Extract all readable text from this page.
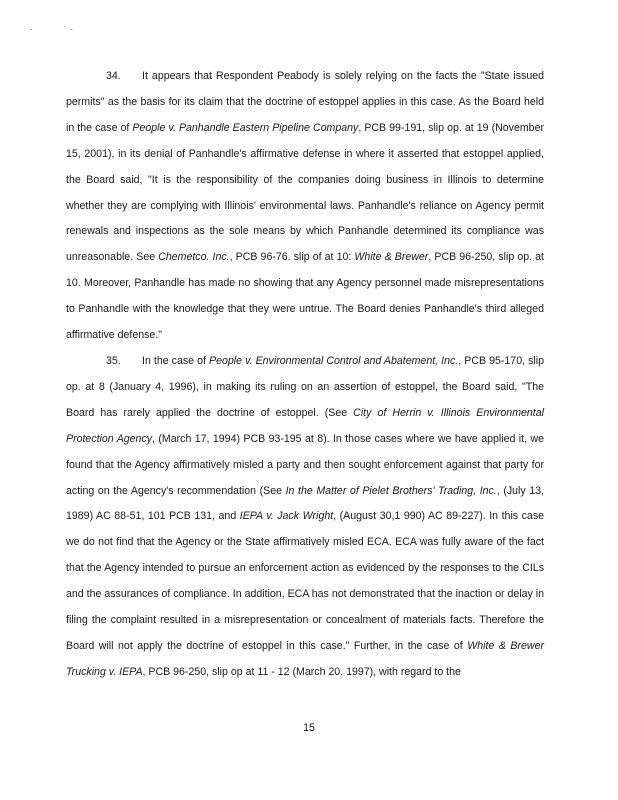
..

34. It appears that Respondent Peabody is solely relying on the facts the "State issued permits" as the basis for its claim that the doctrine of estoppel applies in this case. As the Board held in the case of People v. Panhandle Eastern Pipeline Company, PCB 99-191, slip op. at 19 (November 15, 2001), in its denial of Panhandle's affirmative defense in where it asserted that estoppel applied, the Board said, "It is the responsibility of the companies doing business in Illinois to determine whether they are complying with Illinois' environmental laws. Panhandle's reliance on Agency permit renewals and inspections as the sole means by which Panhandle determined its compliance was unreasonable. See Chemetco. Inc., PCB 96-76. slip of at 10: White & Brewer, PCB 96-250, slip op. at 10. Moreover, Panhandle has made no showing that any Agency personnel made misrepresentations to Panhandle with the knowledge that they were untrue. The Board denies Panhandle's third alleged affirmative defense."

35. In the case of People v. Environmental Control and Abatement, Inc., PCB 95-170, slip op. at 8 (January 4, 1996), in making its ruling on an assertion of estoppel, the Board said, "The Board has rarely applied the doctrine of estoppel. (See City of Herrin v. Illinois Environmental Protection Agency, (March 17, 1994) PCB 93-195 at 8). In those cases where we have applied it, we found that the Agency affirmatively misled a party and then sought enforcement against that party for acting on the Agency's recommendation (See In the Matter of Pielet Brothers' Trading, Inc., (July 13, 1989) AC 88-51, 101 PCB 131, and IEPA v. Jack Wright, (August 30,1 990) AC 89-227). In this case we do not find that the Agency or the State affirmatively misled ECA. ECA was fully aware of the fact that the Agency intended to pursue an enforcement action as evidenced by the responses to the CILs and the assurances of compliance. In addition, ECA has not demonstrated that the inaction or delay in filing the complaint resulted in a misrepresentation or concealment of materials facts. Therefore the Board will not apply the doctrine of estoppel in this case." Further, in the case of White & Brewer Trucking v. IEPA, PCB 96-250, slip op at 11 - 12 (March 20. 1997), with regard to the

15
